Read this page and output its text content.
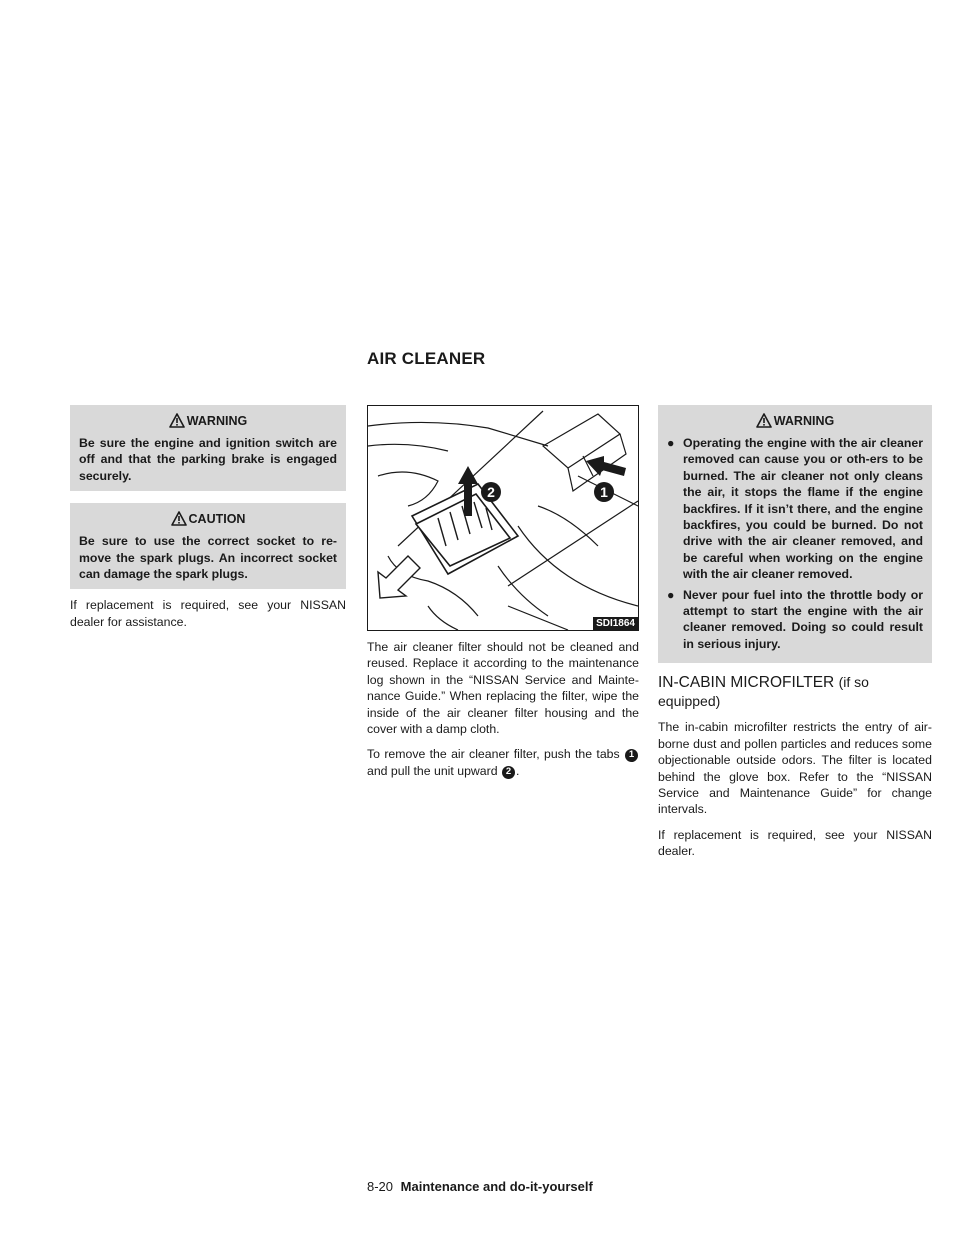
AIR CLEANER
WARNING
Be sure the engine and ignition switch are off and that the parking brake is engaged securely.
CAUTION
Be sure to use the correct socket to re-move the spark plugs. An incorrect socket can damage the spark plugs.

If replacement is required, see your NISSAN dealer for assistance.

2	1
SDI1864

The air cleaner filter should not be cleaned and reused. Replace it according to the maintenance log shown in the “NISSAN Service and Mainte-nance Guide.” When replacing the filter, wipe the inside of the air cleaner filter housing and the cover with a damp cloth.

To remove the air cleaner filter, push the tabs 1 and pull the unit upward 2 .

WARNING
● Operating the engine with the air cleaner removed can cause you or oth-ers to be burned. The air cleaner not only cleans the air, it stops the flame if the engine backfires. If it isn’t there, and the engine backfires, you could be burned. Do not drive with the air cleaner removed, and be careful when working on the engine with the air cleaner removed.
● Never pour fuel into the throttle body or attempt to start the engine with the air cleaner removed. Doing so could result in serious injury.
IN-CABIN MICROFILTER (if so equipped)

The in-cabin microfilter restricts the entry of air-borne dust and pollen particles and reduces some objectionable outside odors. The filter is located behind the glove box. Refer to the “NISSAN Service and Maintenance Guide” for change intervals.

If replacement is required, see your NISSAN dealer.

8-20 Maintenance and do-it-yourself
